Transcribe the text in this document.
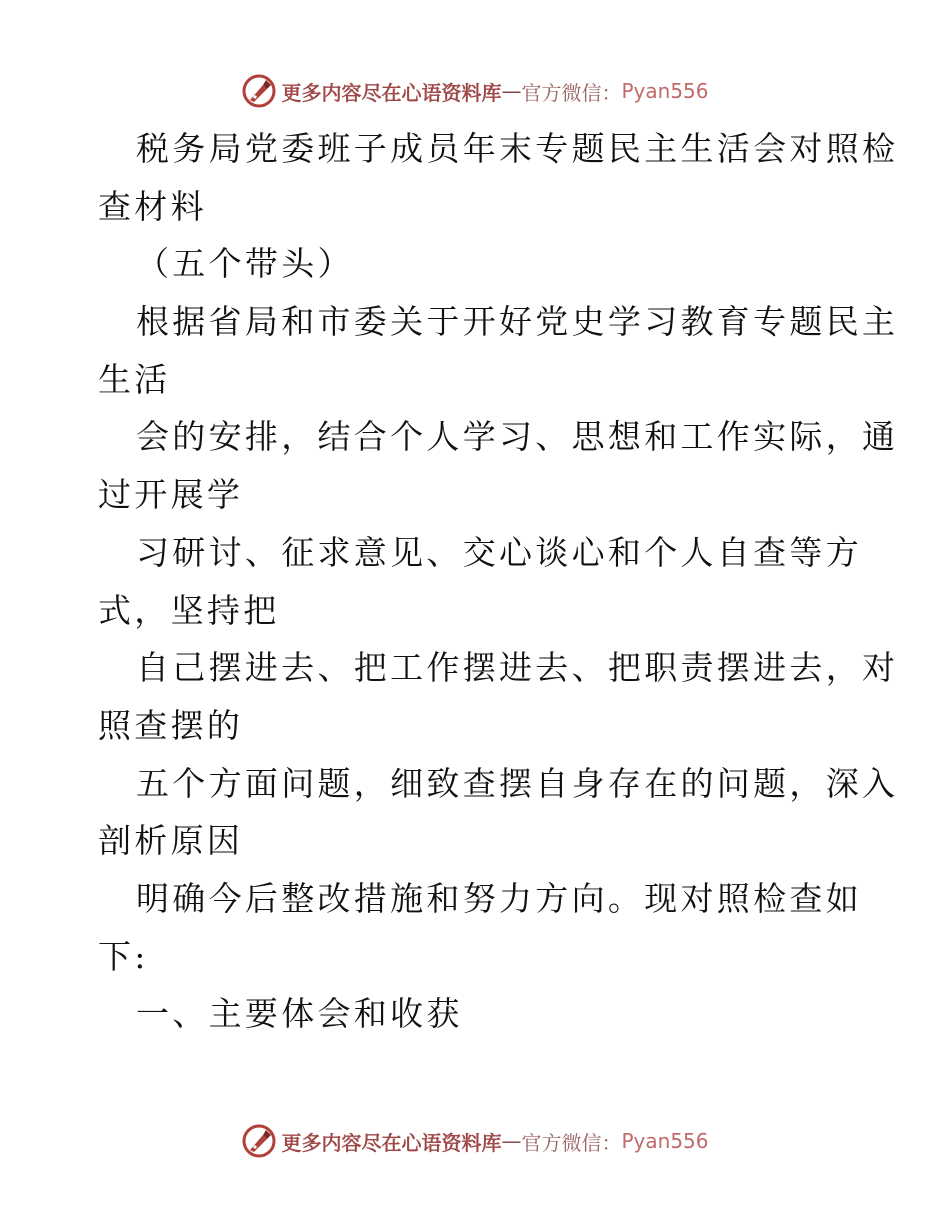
更多内容尽在心语资料库 — 官方微信： Pyan556
税务局党委班子成员年末专题民主生活会对照检
查材料
（五个带头）
根据省局和市委关于开好党史学习教育专题民主
生活
会的安排，结合个人学习、思想和工作实际，通
过开展学
习研讨、征求意见、交心谈心和个人自查等方
式，坚持把
自己摆进去、把工作摆进去、把职责摆进去，对
照查摆的
五个方面问题，细致查摆自身存在的问题，深入
剖析原因
明确今后整改措施和努力方向。现对照检查如
下:
一、主要体会和收获
更多内容尽在心语资料库 — 官方微信： Pyan556
